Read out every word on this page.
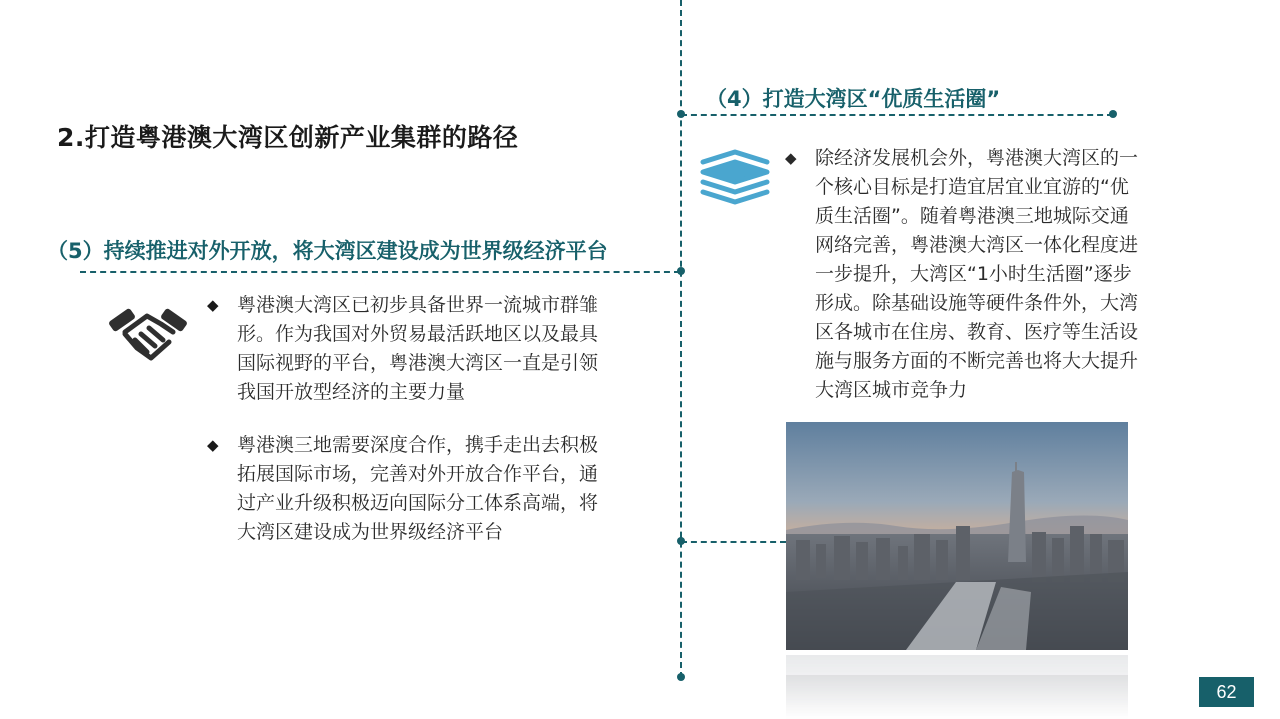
2.打造粤港澳大湾区创新产业集群的路径
（4）打造大湾区“优质生活圈”
◆ 除经济发展机会外，粤港澳大湾区的一
个核心目标是打造宜居宜业宜游的“优
质生活圈”。随着粤港澳三地城际交通
网络完善，粤港澳大湾区一体化程度进
一步提升，大湾区“1小时生活圈”逐步
形成。除基础设施等硬件条件外，大湾
区各城市在住房、教育、医疗等生活设
施与服务方面的不断完善也将大大提升
大湾区城市竞争力
（5）持续推进对外开放，将大湾区建设成为世界级经济平台
◆ 粤港澳大湾区已初步具备世界一流城市群雏
形。作为我国对外贸易最活跃地区以及最具
国际视野的平台，粤港澳大湾区一直是引领
我国开放型经济的主要力量
◆ 粤港澳三地需要深度合作，携手走出去积极
拓展国际市场，完善对外开放合作平台，通
过产业升级积极迈向国际分工体系高端，将
大湾区建设成为世界级经济平台
62
